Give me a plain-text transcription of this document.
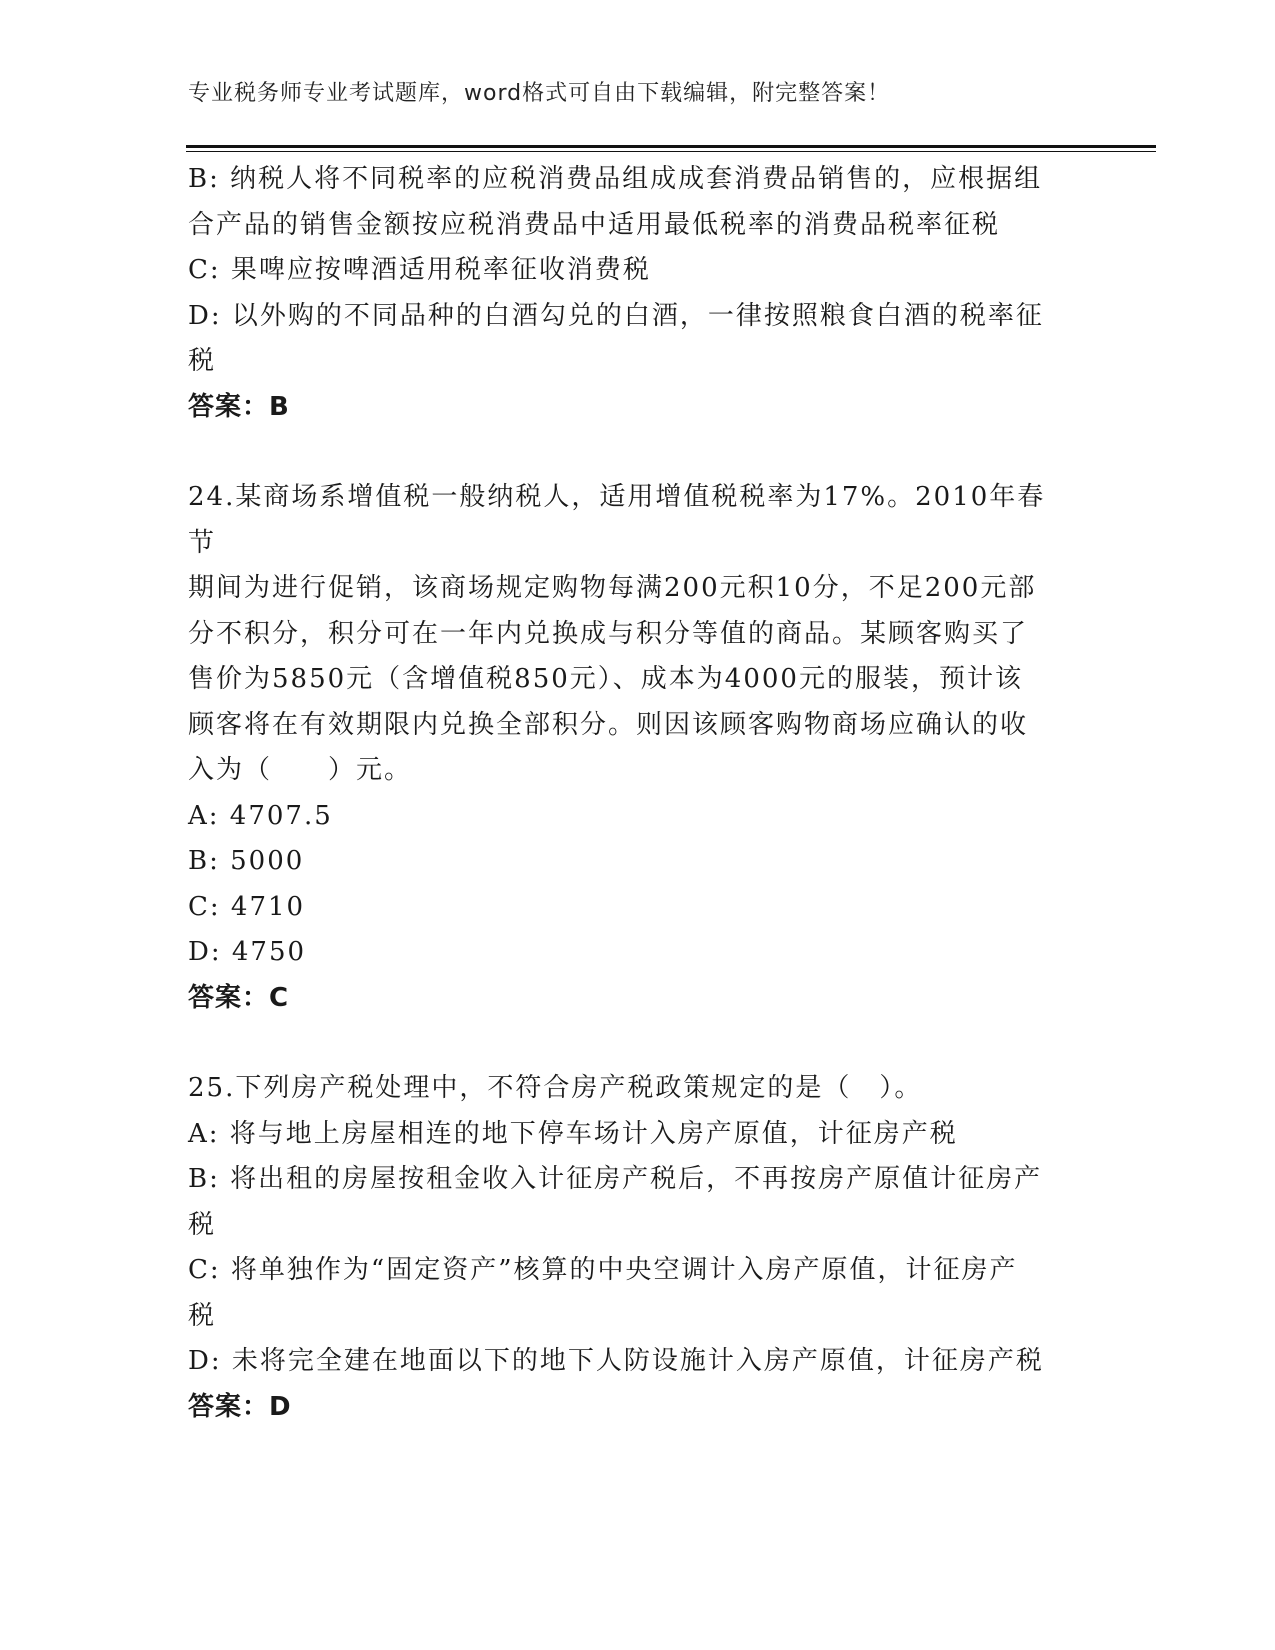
专业税务师专业考试题库，word格式可自由下载编辑，附完整答案！
B: 纳税人将不同税率的应税消费品组成成套消费品销售的，应根据组
合产品的销售金额按应税消费品中适用最低税率的消费品税率征税
C: 果啤应按啤酒适用税率征收消费税
D: 以外购的不同品种的白酒勾兑的白酒，一律按照粮食白酒的税率征
税
答案：B
24.某商场系增值税一般纳税人，适用增值税税率为17%。2010年春节
期间为进行促销，该商场规定购物每满200元积10分，不足200元部
分不积分，积分可在一年内兑换成与积分等值的商品。某顾客购买了
售价为5850元（含增值税850元）、成本为4000元的服装，预计该
顾客将在有效期限内兑换全部积分。则因该顾客购物商场应确认的收
入为（　　）元。
A: 4707.5
B: 5000
C: 4710
D: 4750
答案：C
25.下列房产税处理中，不符合房产税政策规定的是（　）。
A: 将与地上房屋相连的地下停车场计入房产原值，计征房产税
B: 将出租的房屋按租金收入计征房产税后，不再按房产原值计征房产
税
C: 将单独作为“固定资产”核算的中央空调计入房产原值，计征房产
税
D: 未将完全建在地面以下的地下人防设施计入房产原值，计征房产税
答案：D
